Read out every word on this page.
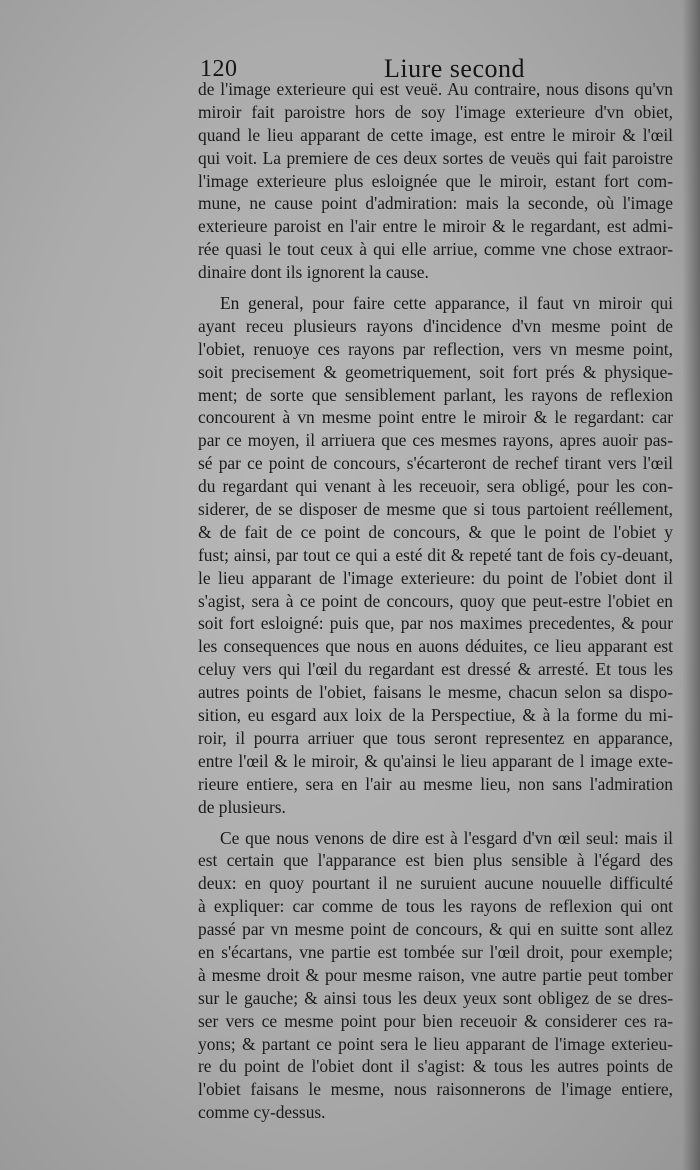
120	Liure second
de l'image exterieure qui est veuë. Au contraire, nous disons qu'vn
miroir fait paroistre hors de soy l'image exterieure d'vn obiet,
quand le lieu apparant de cette image, est entre le miroir & l'œil
qui voit. La premiere de ces deux sortes de veuës qui fait paroistre
l'image exterieure plus esloignée que le miroir, estant fort com-
mune, ne cause point d'admiration: mais la seconde, où l'image
exterieure paroist en l'air entre le miroir & le regardant, est admi-
rée quasi le tout ceux à qui elle arriue, comme vne chose extraor-
dinaire dont ils ignorent la cause.
En general, pour faire cette apparance, il faut vn miroir qui
ayant receu plusieurs rayons d'incidence d'vn mesme point de
l'obiet, renuoye ces rayons par reflection, vers vn mesme point,
soit precisement & geometriquement, soit fort prés & physique-
ment; de sorte que sensiblement parlant, les rayons de reflexion
concourent à vn mesme point entre le miroir & le regardant: car
par ce moyen, il arriuera que ces mesmes rayons, apres auoir pas-
sé par ce point de concours, s'écarteront de rechef tirant vers l'œil
du regardant qui venant à les receuoir, sera obligé, pour les con-
siderer, de se disposer de mesme que si tous partoient reéllement,
& de fait de ce point de concours, & que le point de l'obiet y
fust; ainsi, par tout ce qui a esté dit & repeté tant de fois cy-deuant,
le lieu apparant de l'image exterieure: du point de l'obiet dont il
s'agist, sera à ce point de concours, quoy que peut-estre l'obiet en
soit fort esloigné: puis que, par nos maximes precedentes, & pour
les consequences que nous en auons déduites, ce lieu apparant est
celuy vers qui l'œil du regardant est dressé & arresté. Et tous les
autres points de l'obiet, faisans le mesme, chacun selon sa dispo-
sition, eu esgard aux loix de la Perspectiue, & à la forme du mi-
roir, il pourra arriuer que tous seront representez en apparance,
entre l'œil & le miroir, & qu'ainsi le lieu apparant de l image exte-
rieure entiere, sera en l'air au mesme lieu, non sans l'admiration
de plusieurs.
Ce que nous venons de dire est à l'esgard d'vn œil seul: mais il
est certain que l'apparance est bien plus sensible à l'égard des
deux: en quoy pourtant il ne suruient aucune nouuelle difficulté
à expliquer: car comme de tous les rayons de reflexion qui ont
passé par vn mesme point de concours, & qui en suitte sont allez
en s'écartans, vne partie est tombée sur l'œil droit, pour exemple;
à mesme droit & pour mesme raison, vne autre partie peut tomber
sur le gauche; & ainsi tous les deux yeux sont obligez de se dres-
ser vers ce mesme point pour bien receuoir & considerer ces ra-
yons; & partant ce point sera le lieu apparant de l'image exterieu-
re du point de l'obiet dont il s'agist: & tous les autres points de
l'obiet faisans le mesme, nous raisonnerons de l'image entiere,
comme cy-dessus.
